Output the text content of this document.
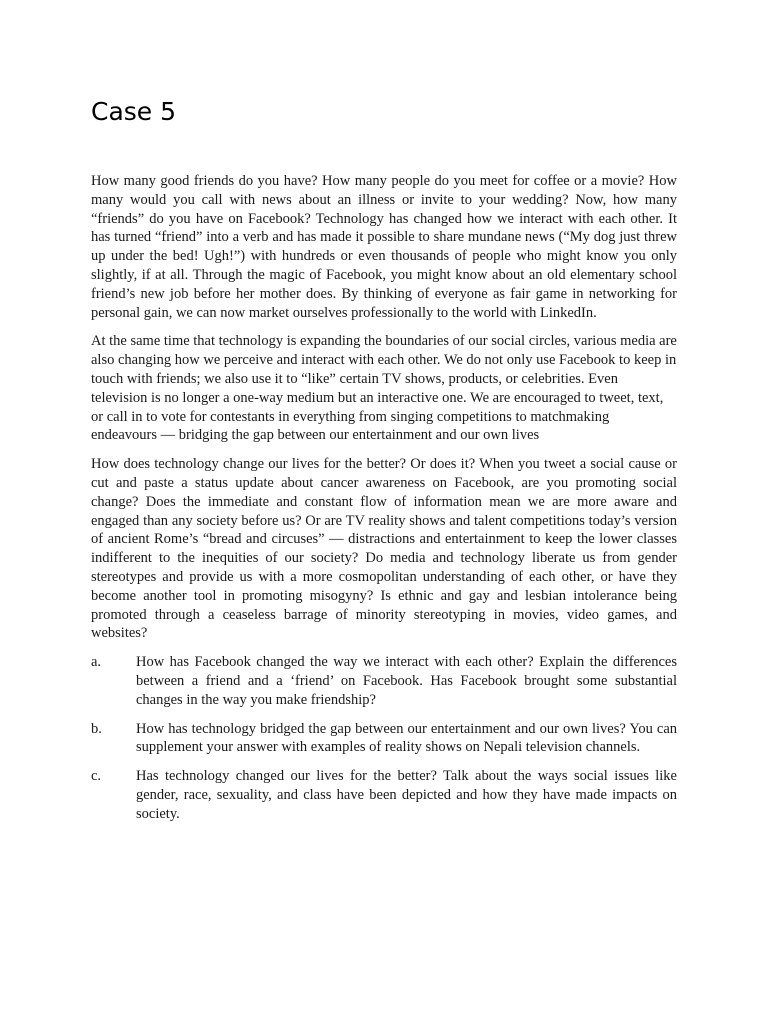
Case 5

How many good friends do you have? How many people do you meet for coffee or a movie? How many would you call with news about an illness or invite to your wedding? Now, how many “friends” do you have on Facebook? Technology has changed how we interact with each other. It has turned “friend” into a verb and has made it possible to share mundane news (“My dog just threw up under the bed! Ugh!”) with hundreds or even thousands of people who might know you only slightly, if at all. Through the magic of Facebook, you might know about an old elementary school friend’s new job before her mother does. By thinking of everyone as fair game in networking for personal gain, we can now market ourselves professionally to the world with LinkedIn.

At the same time that technology is expanding the boundaries of our social circles, various media are also changing how we perceive and interact with each other. We do not only use Facebook to keep in touch with friends; we also use it to “like” certain TV shows, products, or celebrities. Even television is no longer a one-way medium but an interactive one. We are encouraged to tweet, text, or call in to vote for contestants in everything from singing competitions to matchmaking endeavours — bridging the gap between our entertainment and our own lives

How does technology change our lives for the better? Or does it? When you tweet a social cause or cut and paste a status update about cancer awareness on Facebook, are you promoting social change? Does the immediate and constant flow of information mean we are more aware and engaged than any society before us? Or are TV reality shows and talent competitions today’s version of ancient Rome’s “bread and circuses” — distractions and entertainment to keep the lower classes indifferent to the inequities of our society? Do media and technology liberate us from gender stereotypes and provide us with a more cosmopolitan understanding of each other, or have they become another tool in promoting misogyny? Is ethnic and gay and lesbian intolerance being promoted through a ceaseless barrage of minority stereotyping in movies, video games, and websites?

a.	How has Facebook changed the way we interact with each other? Explain the differences between a friend and a ‘friend’ on Facebook. Has Facebook brought some substantial changes in the way you make friendship?
b.	How has technology bridged the gap between our entertainment and our own lives? You can supplement your answer with examples of reality shows on Nepali television channels.
c.	Has technology changed our lives for the better? Talk about the ways social issues like gender, race, sexuality, and class have been depicted and how they have made impacts on society.
